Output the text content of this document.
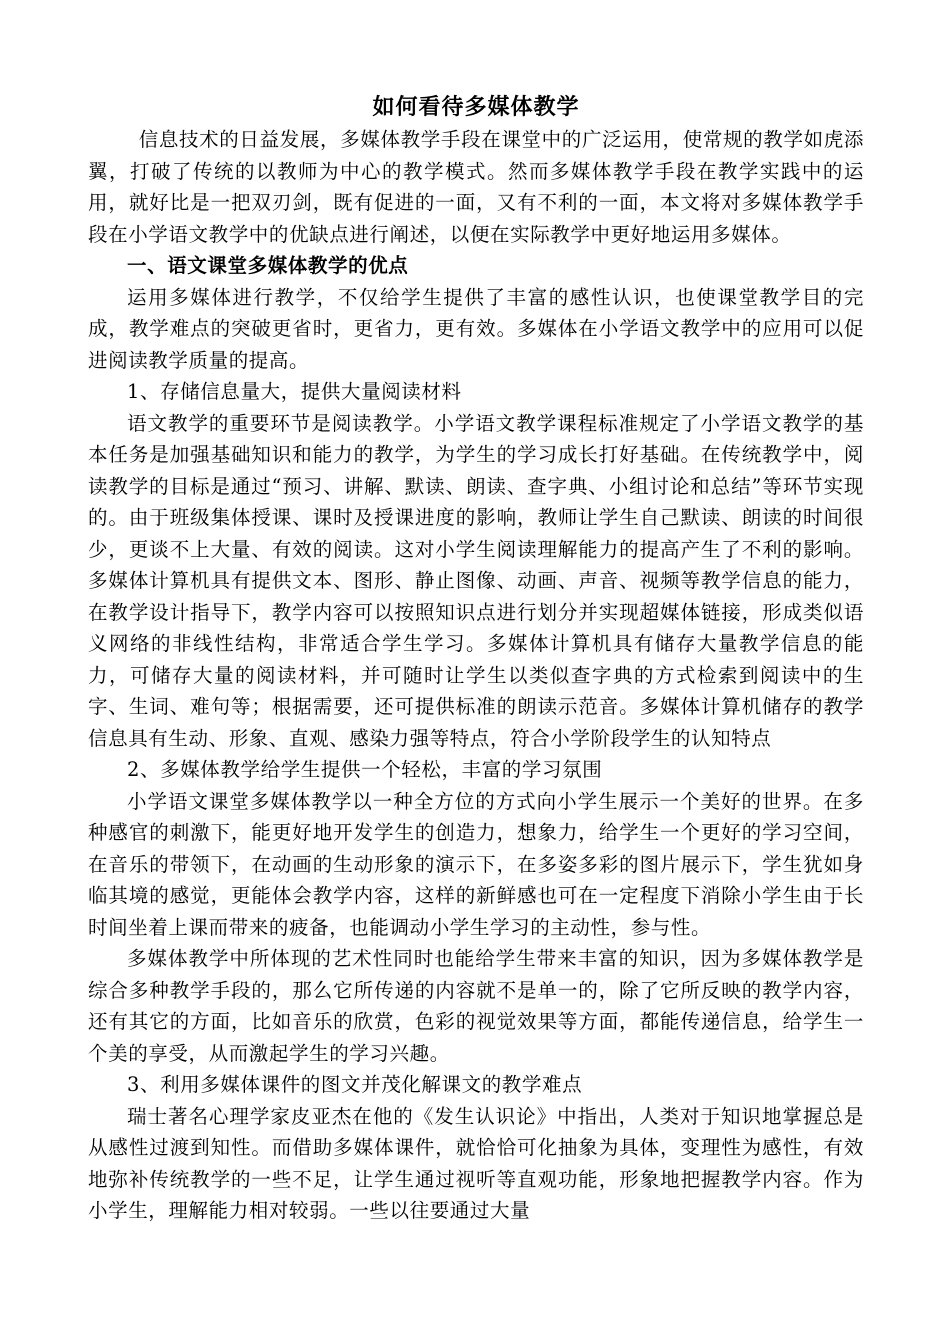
如何看待多媒体教学

信息技术的日益发展，多媒体教学手段在课堂中的广泛运用，使常规的教学如虎添翼，打破了传统的以教师为中心的教学模式。然而多媒体教学手段在教学实践中的运用，就好比是一把双刃剑，既有促进的一面，又有不利的一面，本文将对多媒体教学手段在小学语文教学中的优缺点进行阐述，以便在实际教学中更好地运用多媒体。

一、语文课堂多媒体教学的优点

运用多媒体进行教学，不仅给学生提供了丰富的感性认识，也使课堂教学目的完成，教学难点的突破更省时，更省力，更有效。多媒体在小学语文教学中的应用可以促进阅读教学质量的提高。

1、存储信息量大，提供大量阅读材料

语文教学的重要环节是阅读教学。小学语文教学课程标准规定了小学语文教学的基本任务是加强基础知识和能力的教学，为学生的学习成长打好基础。在传统教学中，阅读教学的目标是通过“预习、讲解、默读、朗读、查字典、小组讨论和总结”等环节实现的。由于班级集体授课、课时及授课进度的影响，教师让学生自己默读、朗读的时间很少，更谈不上大量、有效的阅读。这对小学生阅读理解能力的提高产生了不利的影响。多媒体计算机具有提供文本、图形、静止图像、动画、声音、视频等教学信息的能力，在教学设计指导下，教学内容可以按照知识点进行划分并实现超媒体链接，形成类似语义网络的非线性结构，非常适合学生学习。多媒体计算机具有储存大量教学信息的能力，可储存大量的阅读材料，并可随时让学生以类似查字典的方式检索到阅读中的生字、生词、难句等；根据需要，还可提供标准的朗读示范音。多媒体计算机储存的教学信息具有生动、形象、直观、感染力强等特点，符合小学阶段学生的认知特点

2、多媒体教学给学生提供一个轻松，丰富的学习氛围

小学语文课堂多媒体教学以一种全方位的方式向小学生展示一个美好的世界。在多种感官的刺激下，能更好地开发学生的创造力，想象力，给学生一个更好的学习空间，在音乐的带领下，在动画的生动形象的演示下，在多姿多彩的图片展示下，学生犹如身临其境的感觉，更能体会教学内容，这样的新鲜感也可在一定程度下消除小学生由于长时间坐着上课而带来的疲备，也能调动小学生学习的主动性，参与性。

多媒体教学中所体现的艺术性同时也能给学生带来丰富的知识，因为多媒体教学是综合多种教学手段的，那么它所传递的内容就不是单一的，除了它所反映的教学内容，还有其它的方面，比如音乐的欣赏，色彩的视觉效果等方面，都能传递信息，给学生一个美的享受，从而激起学生的学习兴趣。

3、利用多媒体课件的图文并茂化解课文的教学难点

瑞士著名心理学家皮亚杰在他的《发生认识论》中指出，人类对于知识地掌握总是从感性过渡到知性。而借助多媒体课件，就恰恰可化抽象为具体，变理性为感性，有效地弥补传统教学的一些不足，让学生通过视听等直观功能，形象地把握教学内容。作为小学生，理解能力相对较弱。一些以往要通过大量
